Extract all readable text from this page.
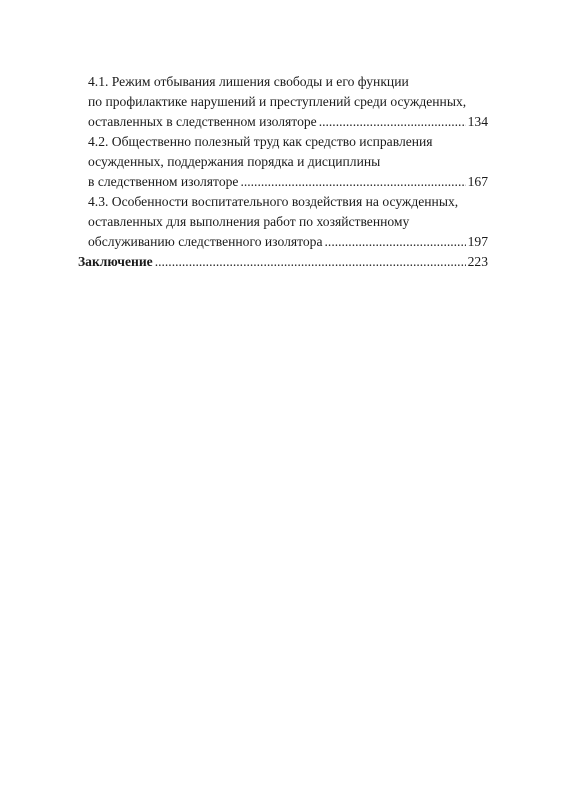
4.1. Режим отбывания лишения свободы и его функции
по профилактике нарушений и преступлений среди осужденных,
оставленных в следственном изоляторе .....	134
4.2. Общественно полезный труд как средство исправления
осужденных, поддержания порядка и дисциплины
в следственном изоляторе .....	167
4.3. Особенности воспитательного воздействия на осужденных,
оставленных для выполнения работ по хозяйственному
обслуживанию следственного изолятора .....	197
Заключение .....	223
